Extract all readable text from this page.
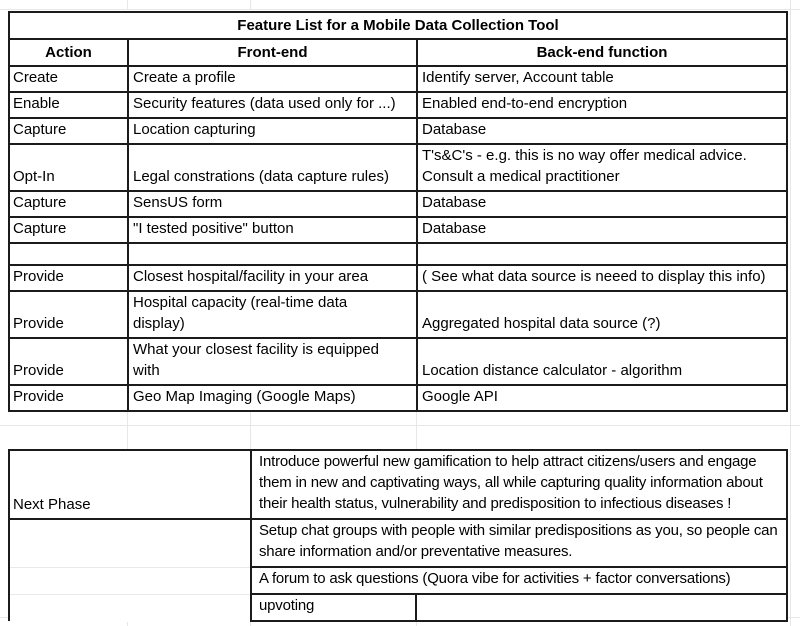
Feature List for a Mobile Data Collection Tool		
Action	Front-end	Back-end function
Create	Create a profile	Identify server, Account table
Enable	Security features (data used only for ...)	Enabled end-to-end encryption
Capture	Location capturing	Database
Opt-In	Legal constrations (data capture rules)	T's&C's - e.g. this is no way offer medical advice. Consult a medical practitioner
Capture	SensUS form	Database
Capture	"I tested positive" button	Database

Provide	Closest hospital/facility in your area	( See what data source is neeed to display this info)
Provide	Hospital capacity (real-time data display)	Aggregated hospital data source (?)
Provide	What your closest facility is equipped with	Location distance calculator - algorithm
Provide	Geo Map Imaging (Google Maps)	Google API
Next Phase	Introduce powerful new gamification to help attract citizens/users and engage them in new and captivating ways, all while capturing quality information about their health status, vulnerability and predisposition to infectious diseases !	
	Setup chat groups with people with similar predispositions as you, so people can share information and/or preventative measures.	
	A forum to ask questions (Quora vibe for activities + factor conversations)	
	upvoting	
